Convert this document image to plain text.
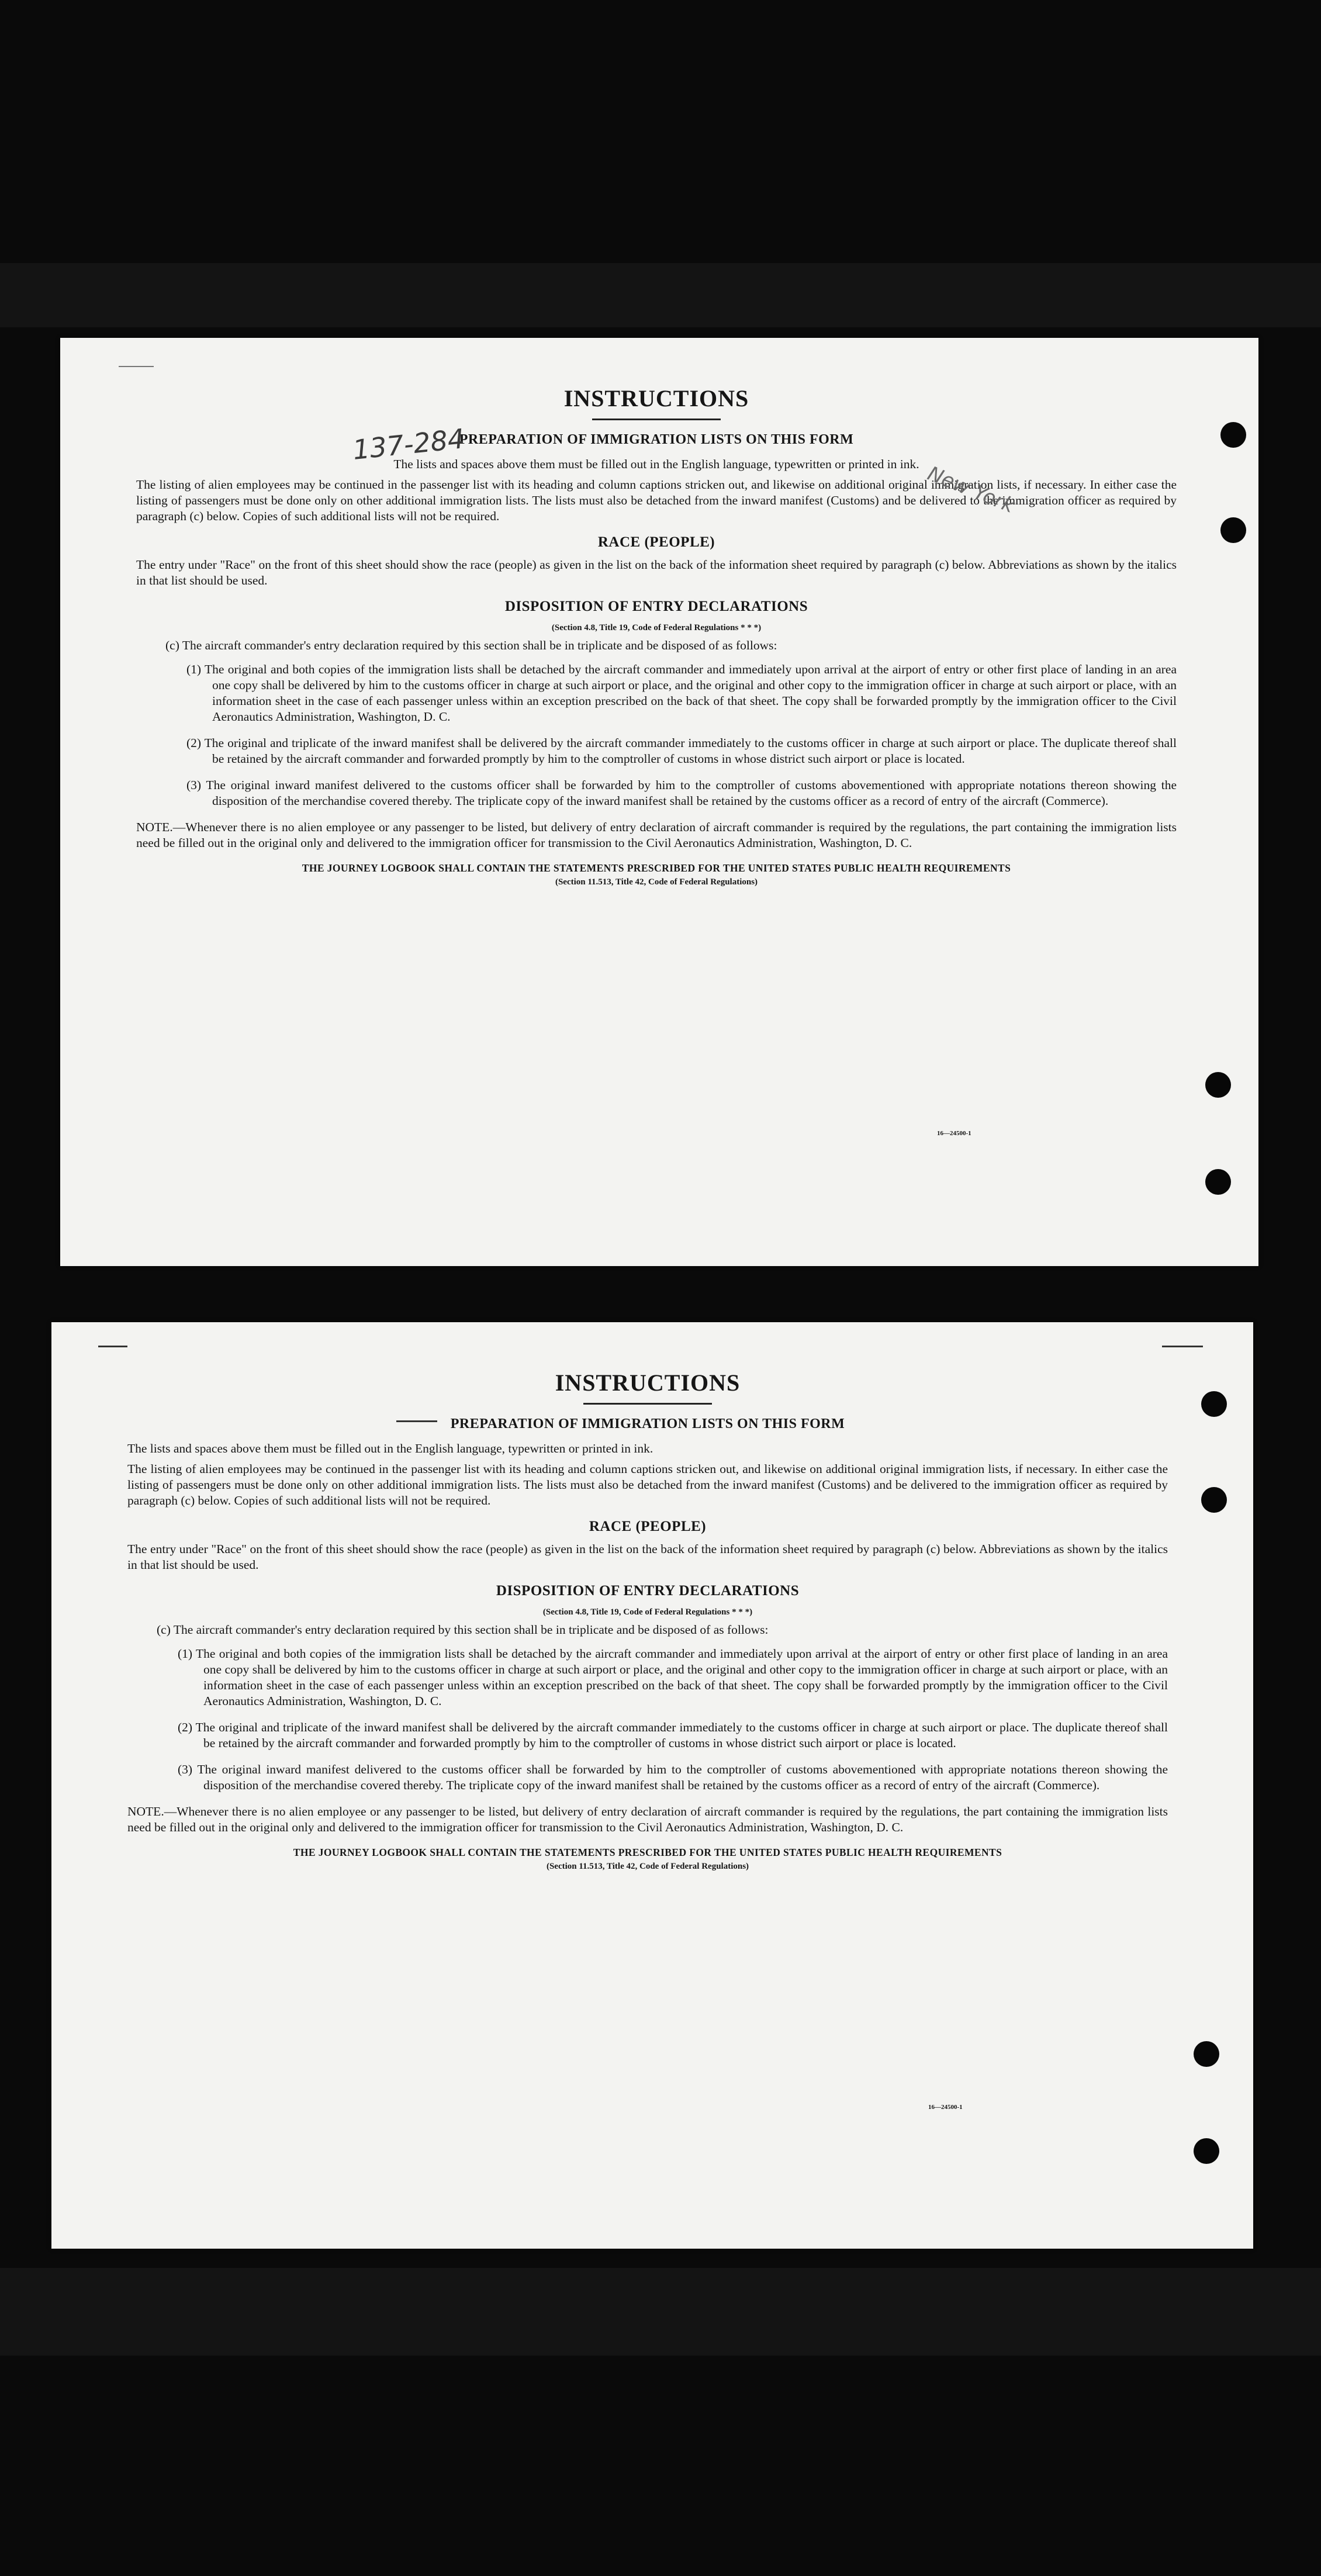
INSTRUCTIONS
PREPARATION OF IMMIGRATION LISTS ON THIS FORM
The lists and spaces above them must be filled out in the English language, typewritten or printed in ink.
The listing of alien employees may be continued in the passenger list with its heading and column captions stricken out, and likewise on additional original immigration lists, if necessary. In either case the listing of passengers must be done only on other additional immigration lists. The lists must also be detached from the inward manifest (Customs) and be delivered to the immigration officer as required by paragraph (c) below. Copies of such additional lists will not be required.
RACE (PEOPLE)
The entry under "Race" on the front of this sheet should show the race (people) as given in the list on the back of the information sheet required by paragraph (c) below. Abbreviations as shown by the italics in that list should be used.
DISPOSITION OF ENTRY DECLARATIONS
(Section 4.8, Title 19, Code of Federal Regulations * * *)
(c) The aircraft commander's entry declaration required by this section shall be in triplicate and be disposed of as follows:
(1) The original and both copies of the immigration lists shall be detached by the aircraft commander and immediately upon arrival at the airport of entry or other first place of landing in an area one copy shall be delivered by him to the customs officer in charge at such airport or place, and the original and other copy to the immigration officer in charge at such airport or place, with an information sheet in the case of each passenger unless within an exception prescribed on the back of that sheet. The copy shall be forwarded promptly by the immigration officer to the Civil Aeronautics Administration, Washington, D. C.
(2) The original and triplicate of the inward manifest shall be delivered by the aircraft commander immediately to the customs officer in charge at such airport or place. The duplicate thereof shall be retained by the aircraft commander and forwarded promptly by him to the comptroller of customs in whose district such airport or place is located.
(3) The original inward manifest delivered to the customs officer shall be forwarded by him to the comptroller of customs abovementioned with appropriate notations thereon showing the disposition of the merchandise covered thereby. The triplicate copy of the inward manifest shall be retained by the customs officer as a record of entry of the aircraft (Commerce).
NOTE.—Whenever there is no alien employee or any passenger to be listed, but delivery of entry declaration of aircraft commander is required by the regulations, the part containing the immigration lists need be filled out in the original only and delivered to the immigration officer for transmission to the Civil Aeronautics Administration, Washington, D. C.
THE JOURNEY LOGBOOK SHALL CONTAIN THE STATEMENTS PRESCRIBED FOR THE UNITED STATES PUBLIC HEALTH REQUIREMENTS
(Section 11.513, Title 42, Code of Federal Regulations)
16—24500-1
137-284
New York
INSTRUCTIONS
PREPARATION OF IMMIGRATION LISTS ON THIS FORM
The lists and spaces above them must be filled out in the English language, typewritten or printed in ink.
The listing of alien employees may be continued in the passenger list with its heading and column captions stricken out, and likewise on additional original immigration lists, if necessary. In either case the listing of passengers must be done only on other additional immigration lists. The lists must also be detached from the inward manifest (Customs) and be delivered to the immigration officer as required by paragraph (c) below. Copies of such additional lists will not be required.
RACE (PEOPLE)
The entry under "Race" on the front of this sheet should show the race (people) as given in the list on the back of the information sheet required by paragraph (c) below. Abbreviations as shown by the italics in that list should be used.
DISPOSITION OF ENTRY DECLARATIONS
(Section 4.8, Title 19, Code of Federal Regulations * * *)
(c) The aircraft commander's entry declaration required by this section shall be in triplicate and be disposed of as follows:
(1) The original and both copies of the immigration lists shall be detached by the aircraft commander and immediately upon arrival at the airport of entry or other first place of landing in an area one copy shall be delivered by him to the customs officer in charge at such airport or place, and the original and other copy to the immigration officer in charge at such airport or place, with an information sheet in the case of each passenger unless within an exception prescribed on the back of that sheet. The copy shall be forwarded promptly by the immigration officer to the Civil Aeronautics Administration, Washington, D. C.
(2) The original and triplicate of the inward manifest shall be delivered by the aircraft commander immediately to the customs officer in charge at such airport or place. The duplicate thereof shall be retained by the aircraft commander and forwarded promptly by him to the comptroller of customs in whose district such airport or place is located.
(3) The original inward manifest delivered to the customs officer shall be forwarded by him to the comptroller of customs abovementioned with appropriate notations thereon showing the disposition of the merchandise covered thereby. The triplicate copy of the inward manifest shall be retained by the customs officer as a record of entry of the aircraft (Commerce).
NOTE.—Whenever there is no alien employee or any passenger to be listed, but delivery of entry declaration of aircraft commander is required by the regulations, the part containing the immigration lists need be filled out in the original only and delivered to the immigration officer for transmission to the Civil Aeronautics Administration, Washington, D. C.
THE JOURNEY LOGBOOK SHALL CONTAIN THE STATEMENTS PRESCRIBED FOR THE UNITED STATES PUBLIC HEALTH REQUIREMENTS
(Section 11.513, Title 42, Code of Federal Regulations)
16—24500-1
